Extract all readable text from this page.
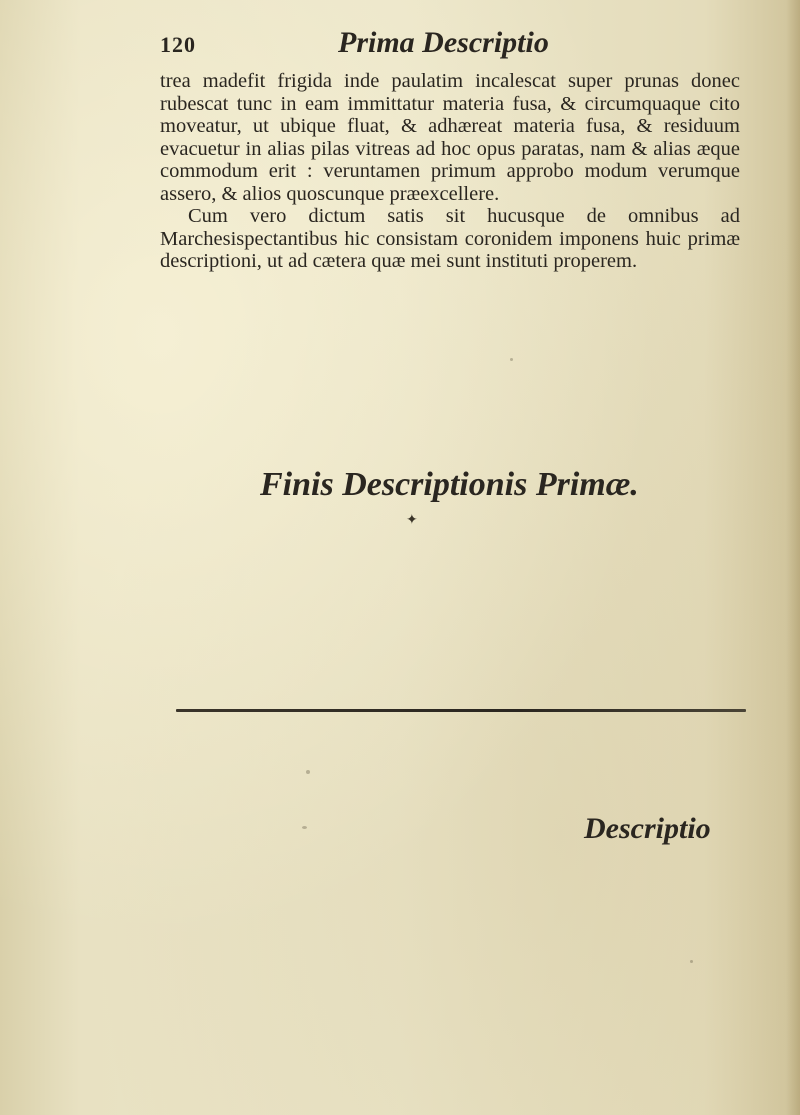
120	Prima Descriptio

trea madefit frigida inde paulatim incalescat super prunas donec rubescat tunc in eam immittatur materia fusa, & circumquaque cito moveatur, ut ubique fluat, & adhæreat materia fusa, & residuum evacuetur in alias pilas vitreas ad hoc opus paratas, nam & alias æque commodum erit : veruntamen primum approbo modum verumque assero, & alios quoscunque præexcellere.

Cum vero dictum satis sit hucusque de omnibus ad Marchesispectantibus hic consistam coronidem imponens huic primæ descriptioni, ut ad cætera quæ mei sunt instituti properem.

Finis Descriptionis Primæ.
✦
Descriptio
